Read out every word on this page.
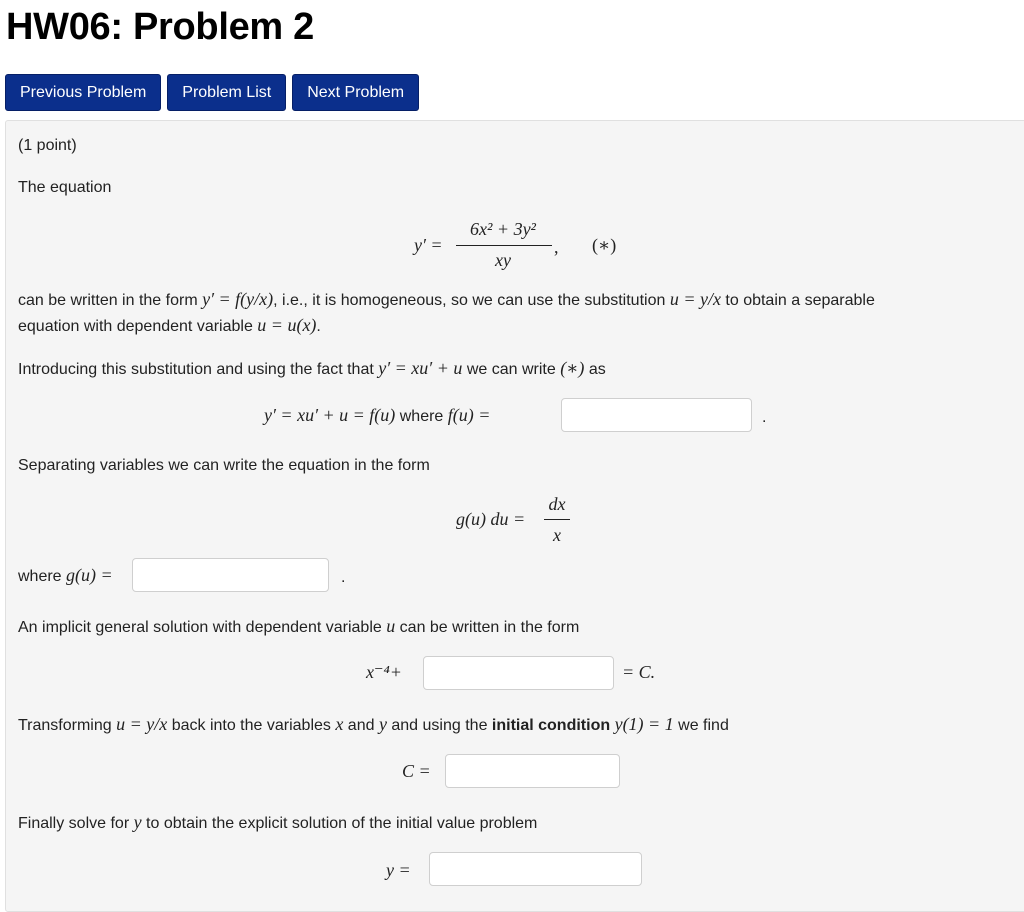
HW06: Problem 2
Previous Problem	Problem List	Next Problem
(1 point)
The equation
y′ =
6x² + 3y²
xy
, (∗)
can be written in the form y′ = f(y/x), i.e., it is homogeneous, so we can use the substitution u = y/x to obtain a separable
equation with dependent variable u = u(x).
Introducing this substitution and using the fact that y′ = xu′ + u we can write (∗) as
y′ = xu′ + u = f(u) where f(u) =	.
Separating variables we can write the equation in the form
g(u) du =
dx
x
where g(u) =	.
An implicit general solution with dependent variable u can be written in the form
x⁻⁴+	= C.
Transforming u = y/x back into the variables x and y and using the initial condition y(1) = 1 we find
C =
Finally solve for y to obtain the explicit solution of the initial value problem
y =
